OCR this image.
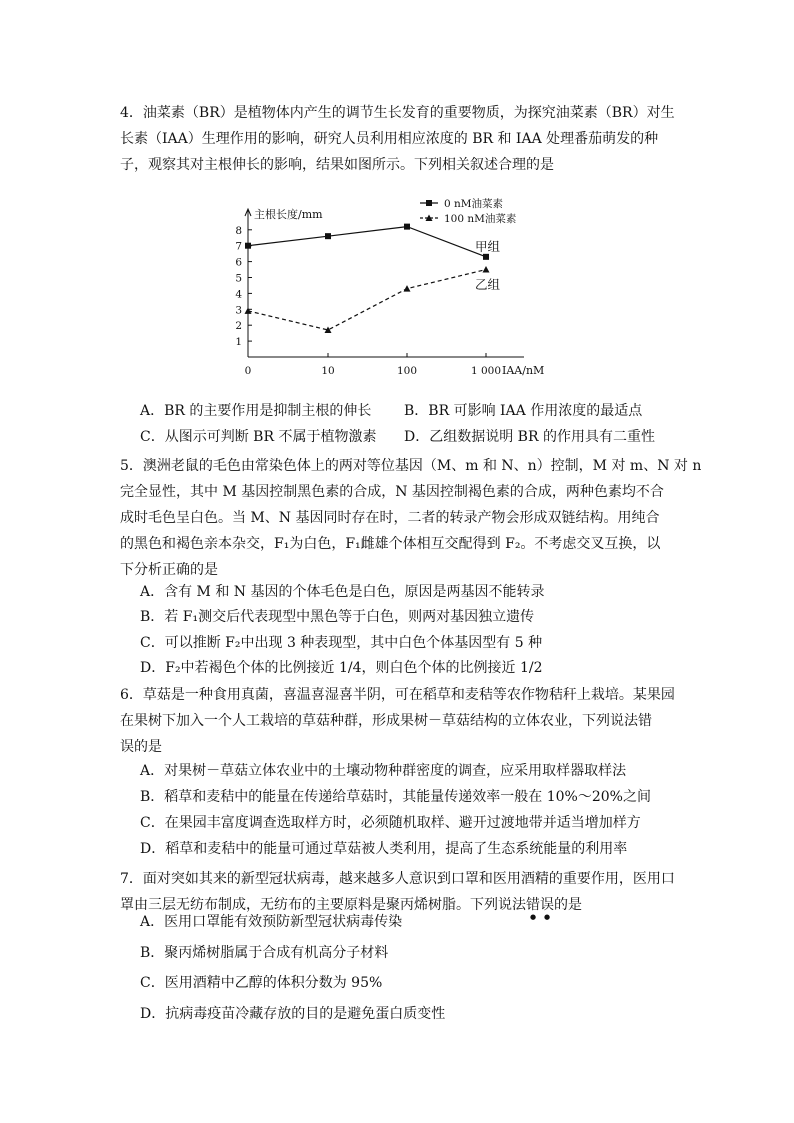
4．油菜素（BR）是植物体内产生的调节生长发育的重要物质，为探究油菜素（BR）对生
长素（IAA）生理作用的影响，研究人员利用相应浓度的 BR 和 IAA 处理番茄萌发的种
子，观察其对主根伸长的影响，结果如图所示。下列相关叙述合理的是
主根长度/mm
IAA/nM
1
2
3
4
5
6
7
8
0	10	100	1 000
甲组
乙组
0 nM油菜素
100 nM油菜素
A．BR 的主要作用是抑制主根的伸长 B．BR 可影响 IAA 作用浓度的最适点
C．从图示可判断 BR 不属于植物激素 D．乙组数据说明 BR 的作用具有二重性
5．澳洲老鼠的毛色由常染色体上的两对等位基因（M、m 和 N、n）控制，M 对 m、N 对 n
完全显性，其中 M 基因控制黑色素的合成，N 基因控制褐色素的合成，两种色素均不合
成时毛色呈白色。当 M、N 基因同时存在时，二者的转录产物会形成双链结构。用纯合
的黑色和褐色亲本杂交，F₁为白色，F₁雌雄个体相互交配得到 F₂。不考虑交叉互换，以
下分析正确的是
A．含有 M 和 N 基因的个体毛色是白色，原因是两基因不能转录
B．若 F₁测交后代表现型中黑色等于白色，则两对基因独立遗传
C．可以推断 F₂中出现 3 种表现型，其中白色个体基因型有 5 种
D．F₂中若褐色个体的比例接近 1/4，则白色个体的比例接近 1/2
6．草菇是一种食用真菌，喜温喜湿喜半阴，可在稻草和麦秸等农作物秸秆上栽培。某果园
在果树下加入一个人工栽培的草菇种群，形成果树－草菇结构的立体农业，下列说法错
误的是
A．对果树－草菇立体农业中的土壤动物种群密度的调查，应采用取样器取样法
B．稻草和麦秸中的能量在传递给草菇时，其能量传递效率一般在 10%～20%之间
C．在果园丰富度调查选取样方时，必须随机取样、避开过渡地带并适当增加样方
D．稻草和麦秸中的能量可通过草菇被人类利用，提高了生态系统能量的利用率
7．面对突如其来的新型冠状病毒，越来越多人意识到口罩和医用酒精的重要作用，医用口
罩由三层无纺布制成，无纺布的主要原料是聚丙烯树脂。下列说法错误的是
A．医用口罩能有效预防新型冠状病毒传染
B．聚丙烯树脂属于合成有机高分子材料
C．医用酒精中乙醇的体积分数为 95%
D．抗病毒疫苗冷藏存放的目的是避免蛋白质变性
